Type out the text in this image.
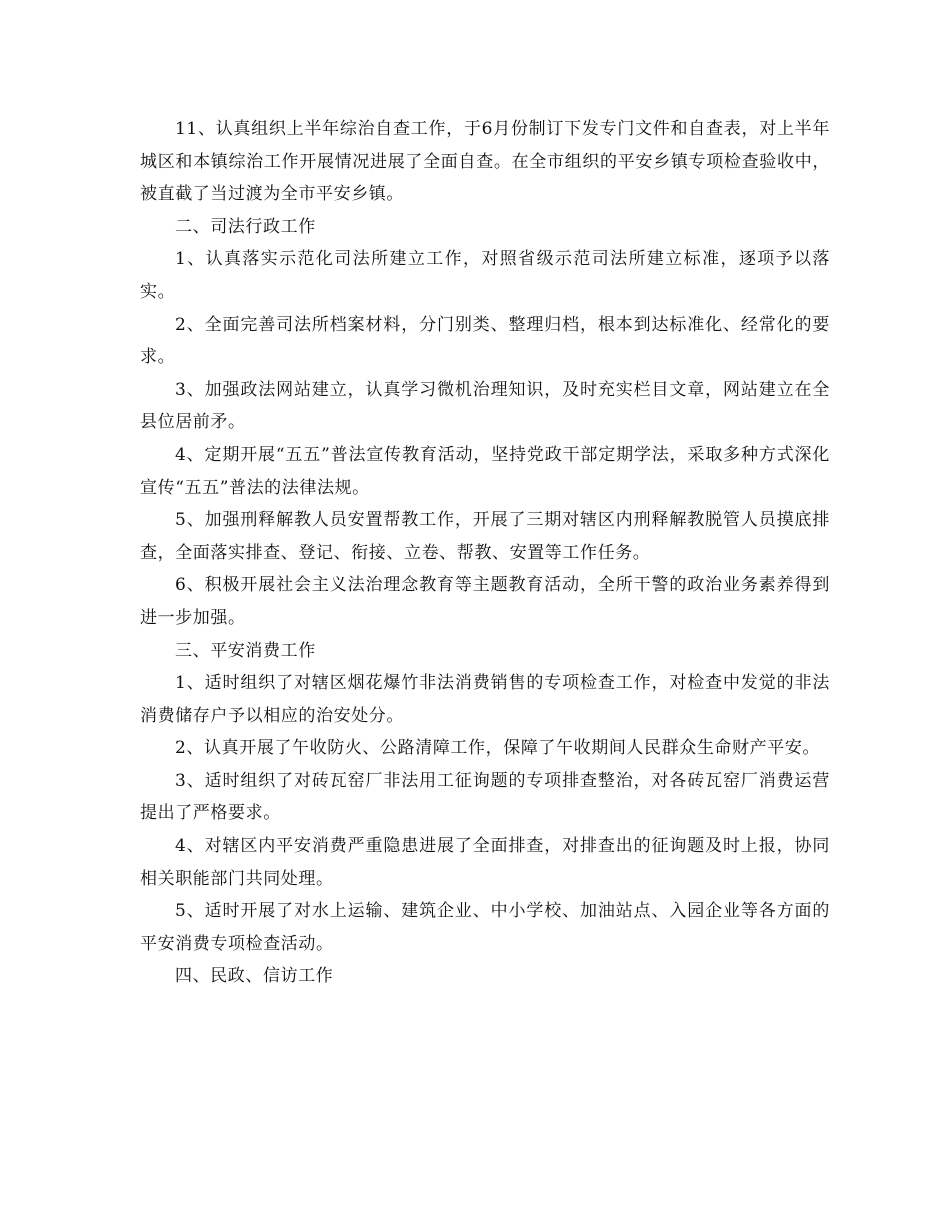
11、认真组织上半年综治自查工作，于6月份制订下发专门文件和自查表，对上半年城区和本镇综治工作开展情况进展了全面自查。在全市组织的平安乡镇专项检查验收中，被直截了当过渡为全市平安乡镇。

二、司法行政工作

1、认真落实示范化司法所建立工作，对照省级示范司法所建立标准，逐项予以落实。

2、全面完善司法所档案材料，分门别类、整理归档，根本到达标准化、经常化的要求。

3、加强政法网站建立，认真学习微机治理知识，及时充实栏目文章，网站建立在全县位居前矛。

4、定期开展“五五”普法宣传教育活动，坚持党政干部定期学法，采取多种方式深化宣传“五五”普法的法律法规。

5、加强刑释解教人员安置帮教工作，开展了三期对辖区内刑释解教脱管人员摸底排查，全面落实排查、登记、衔接、立卷、帮教、安置等工作任务。

6、积极开展社会主义法治理念教育等主题教育活动，全所干警的政治业务素养得到进一步加强。

三、平安消费工作

1、适时组织了对辖区烟花爆竹非法消费销售的专项检查工作，对检查中发觉的非法消费储存户予以相应的治安处分。

2、认真开展了午收防火、公路清障工作，保障了午收期间人民群众生命财产平安。

3、适时组织了对砖瓦窑厂非法用工征询题的专项排查整治，对各砖瓦窑厂消费运营提出了严格要求。

4、对辖区内平安消费严重隐患进展了全面排查，对排查出的征询题及时上报，协同相关职能部门共同处理。

5、适时开展了对水上运输、建筑企业、中小学校、加油站点、入园企业等各方面的平安消费专项检查活动。

四、民政、信访工作
